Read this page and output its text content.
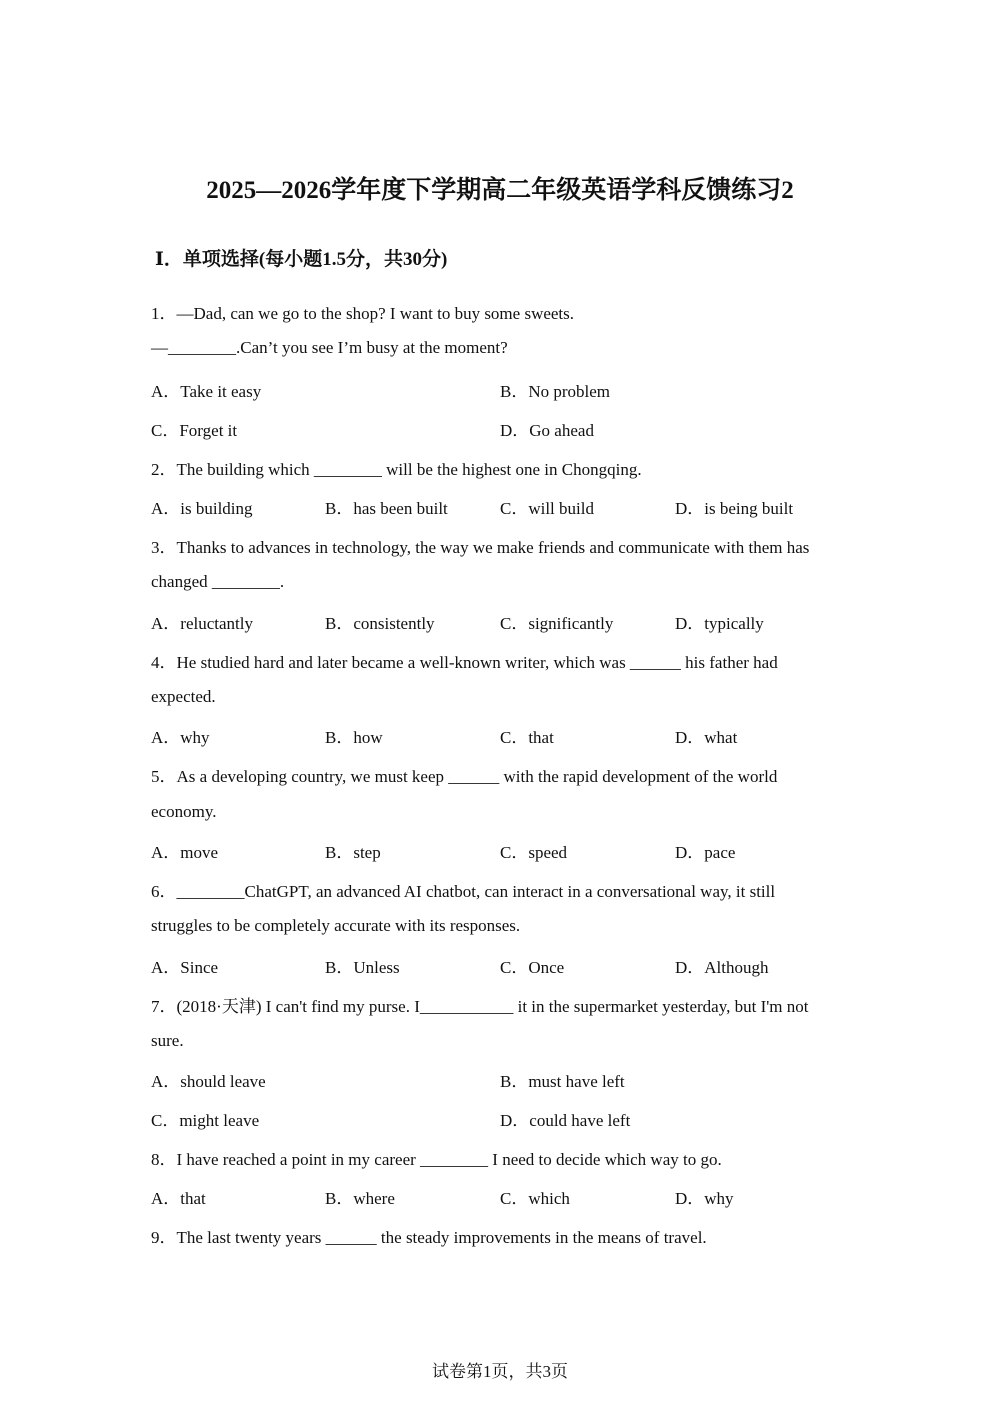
2025—2026学年度下学期高二年级英语学科反馈练习2
Ⅰ．单项选择(每小题1.5分，共30分)
1．—Dad, can we go to the shop? I want to buy some sweets.
—________.Can’t you see I’m busy at the moment?
A．Take it easy	B．No problem
C．Forget it	D．Go ahead
2．The building which ________ will be the highest one in Chongqing.
A．is building	B．has been built	C．will build	D．is being built
3．Thanks to advances in technology, the way we make friends and communicate with them has
changed ________.
A．reluctantly	B．consistently	C．significantly	D．typically
4．He studied hard and later became a well-known writer, which was ______ his father had
expected.
A．why	B．how	C．that	D．what
5．As a developing country, we must keep ______ with the rapid development of the world
economy.
A．move	B．step	C．speed	D．pace
6．________ChatGPT, an advanced AI chatbot, can interact in a conversational way, it still
struggles to be completely accurate with its responses.
A．Since	B．Unless	C．Once	D．Although
7．(2018·天津) I can't find my purse. I___________ it in the supermarket yesterday, but I'm not
sure.
A．should leave	B．must have left
C．might leave	D．could have left
8．I have reached a point in my career ________ I need to decide which way to go.
A．that	B．where	C．which	D．why
9．The last twenty years ______ the steady improvements in the means of travel.
试卷第1页，共3页
